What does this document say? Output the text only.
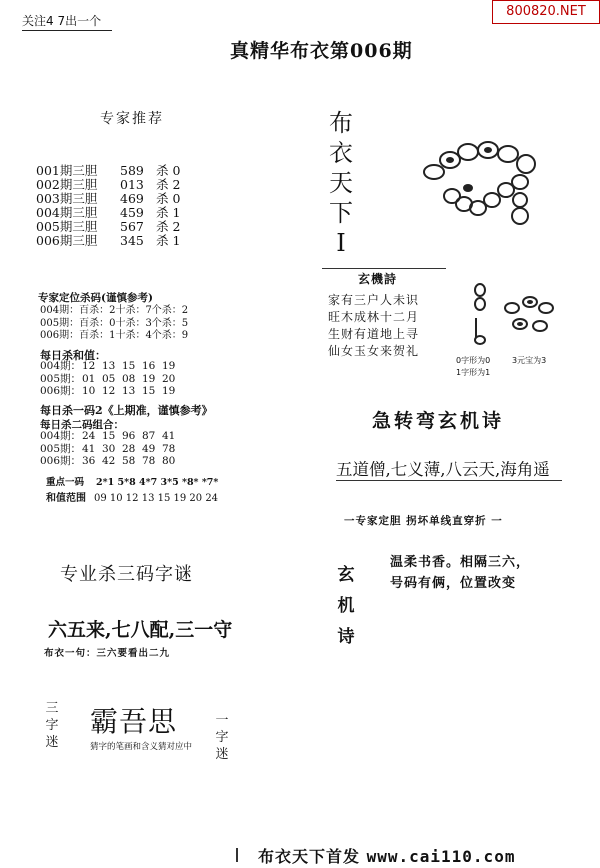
关注4 7出一个
800820.NET
真精华布衣第006期
专家推荐
001期三胆 589 杀 0
002期三胆 013 杀 2
003期三胆 469 杀 0
004期三胆 459 杀 1
005期三胆 567 杀 2
006期三胆 345 杀 1
专家定位杀码(谨慎参考)
004期：百杀：2十杀：7个杀：2
005期：百杀：0十杀：3个杀：5
006期：百杀：1十杀：4个杀：9
每日杀和值：
004期：12 13 15 16 19
005期：01 05 08 19 20
006期：10 12 13 15 19
每日杀一码2《上期准，谨慎参考》
每日杀二码组合：
004期：24 15 96 87 41
005期：41 30 28 49 78
006期：36 42 58 78 80
重点一码 2*1 5*8 4*7 3*5 *8* *7*
和值范围 09 10 12 13 15 19 20 24
专业杀三码字谜
六五来,七八配,三一守
布衣一句：三六要看出二九
三
字
迷
霸吾思
猜字的笔画和含义猜对应中
一
字
迷
布
衣
天
下
I
玄機詩
家有三户人未识
旺木成林十二月
生财有道地上寻
仙女玉女来贺礼
0字形为0	3元宝为3
1字形为1
急转弯玄机诗
五道僧,七义薄,八云天,海角遥
一专家定胆 拐坏单线直穿折 一
玄
机
诗
温柔书香。相隔三六，
号码有俩，位置改变
布衣天下首发 www.cai110.com
